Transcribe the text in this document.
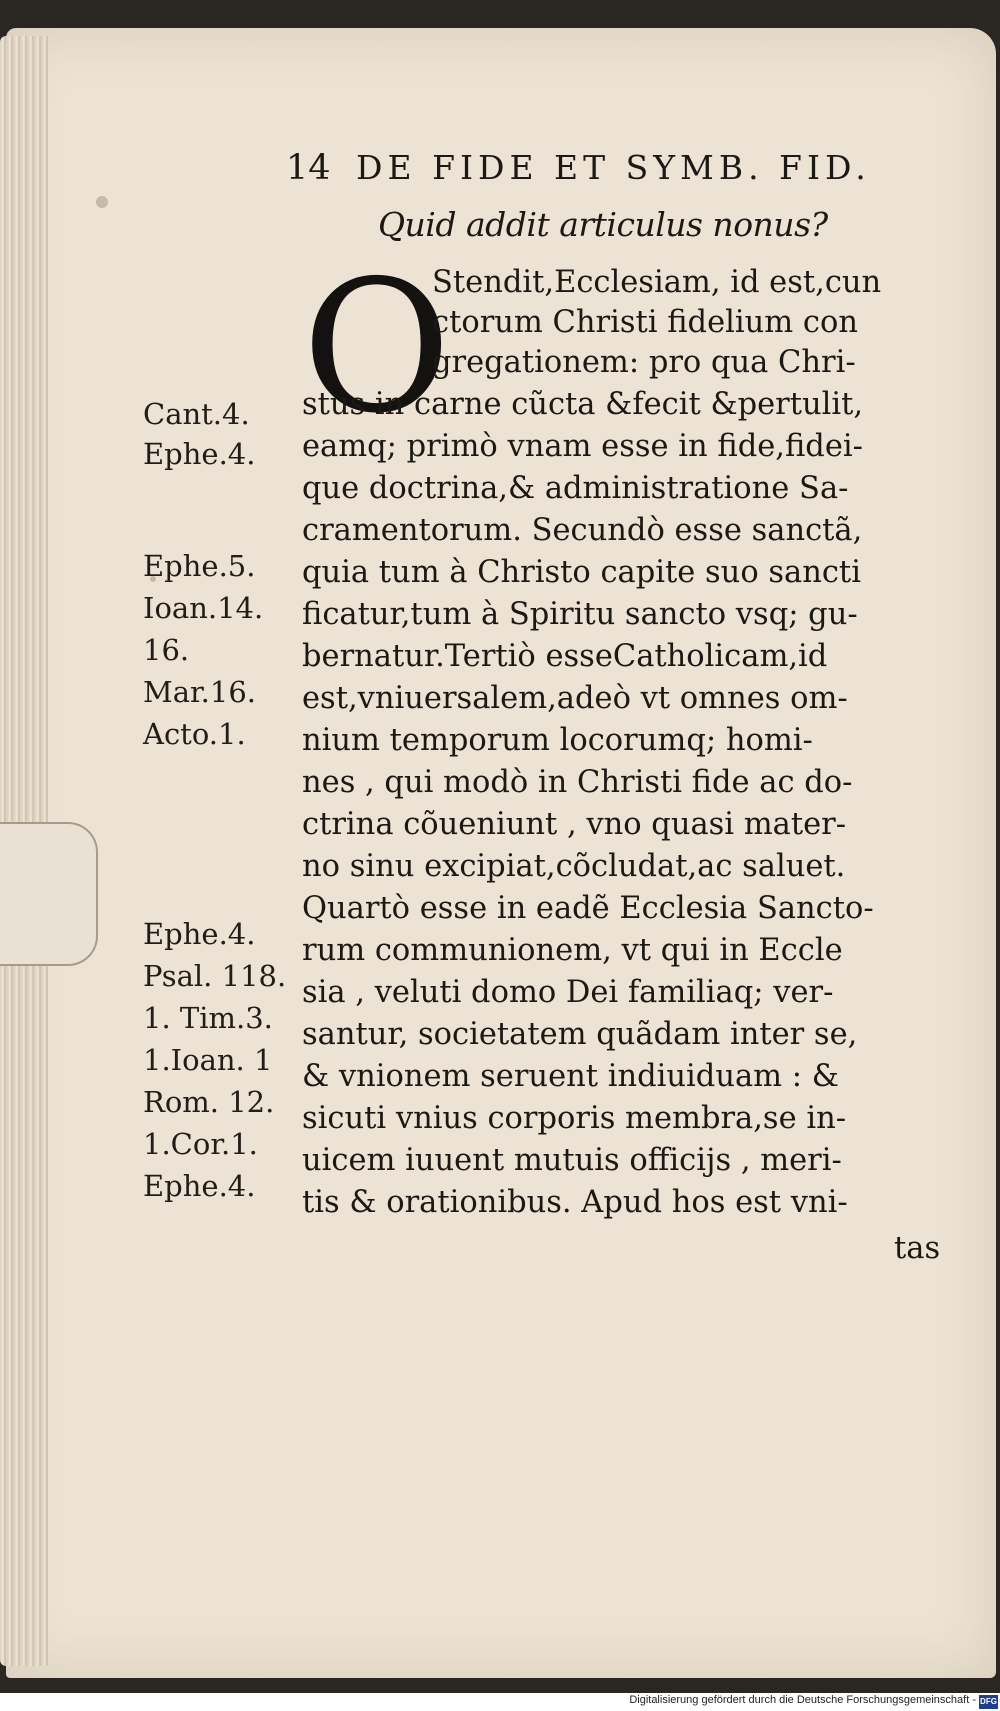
14 DE FIDE ET SYMB. FID.
Quid addit articulus nonus?
O
Stendit,Ecclesiam, id est,cun
ctorum Christi fidelium con
gregationem: pro qua Chri-
stus in carne cũcta &fecit &pertulit,
eamq; primò vnam esse in fide,fidei-
que doctrina,& administratione Sa-
cramentorum. Secundò esse sanctã,
quia tum à Christo capite suo sancti
ficatur,tum à Spiritu sancto vsq; gu-
bernatur.Tertiò esseCatholicam,id
est,vniuersalem,adeò vt omnes om-
nium temporum locorumq; homi-
nes , qui modò in Christi fide ac do-
ctrina cõueniunt , vno quasi mater-
no sinu excipiat,cõcludat,ac saluet.
Quartò esse in eadẽ Ecclesia Sancto-
rum communionem, vt qui in Eccle
sia , veluti domo Dei familiaq; ver-
santur, societatem quãdam inter se,
& vnionem seruent indiuiduam : &
sicuti vnius corporis membra,se in-
uicem iuuent mutuis officijs , meri-
tis & orationibus. Apud hos est vni-
tas
Cant.4.
Ephe.4.
Ephe.5.
Ioan.14.
16.
Mar.16.
Acto.1.
Ephe.4.
Psal. 118.
1. Tim.3.
1.Ioan. 1
Rom. 12.
1.Cor.1.
Ephe.4.
Digitalisierung gefördert durch die Deutsche Forschungsgemeinschaft - DFG
